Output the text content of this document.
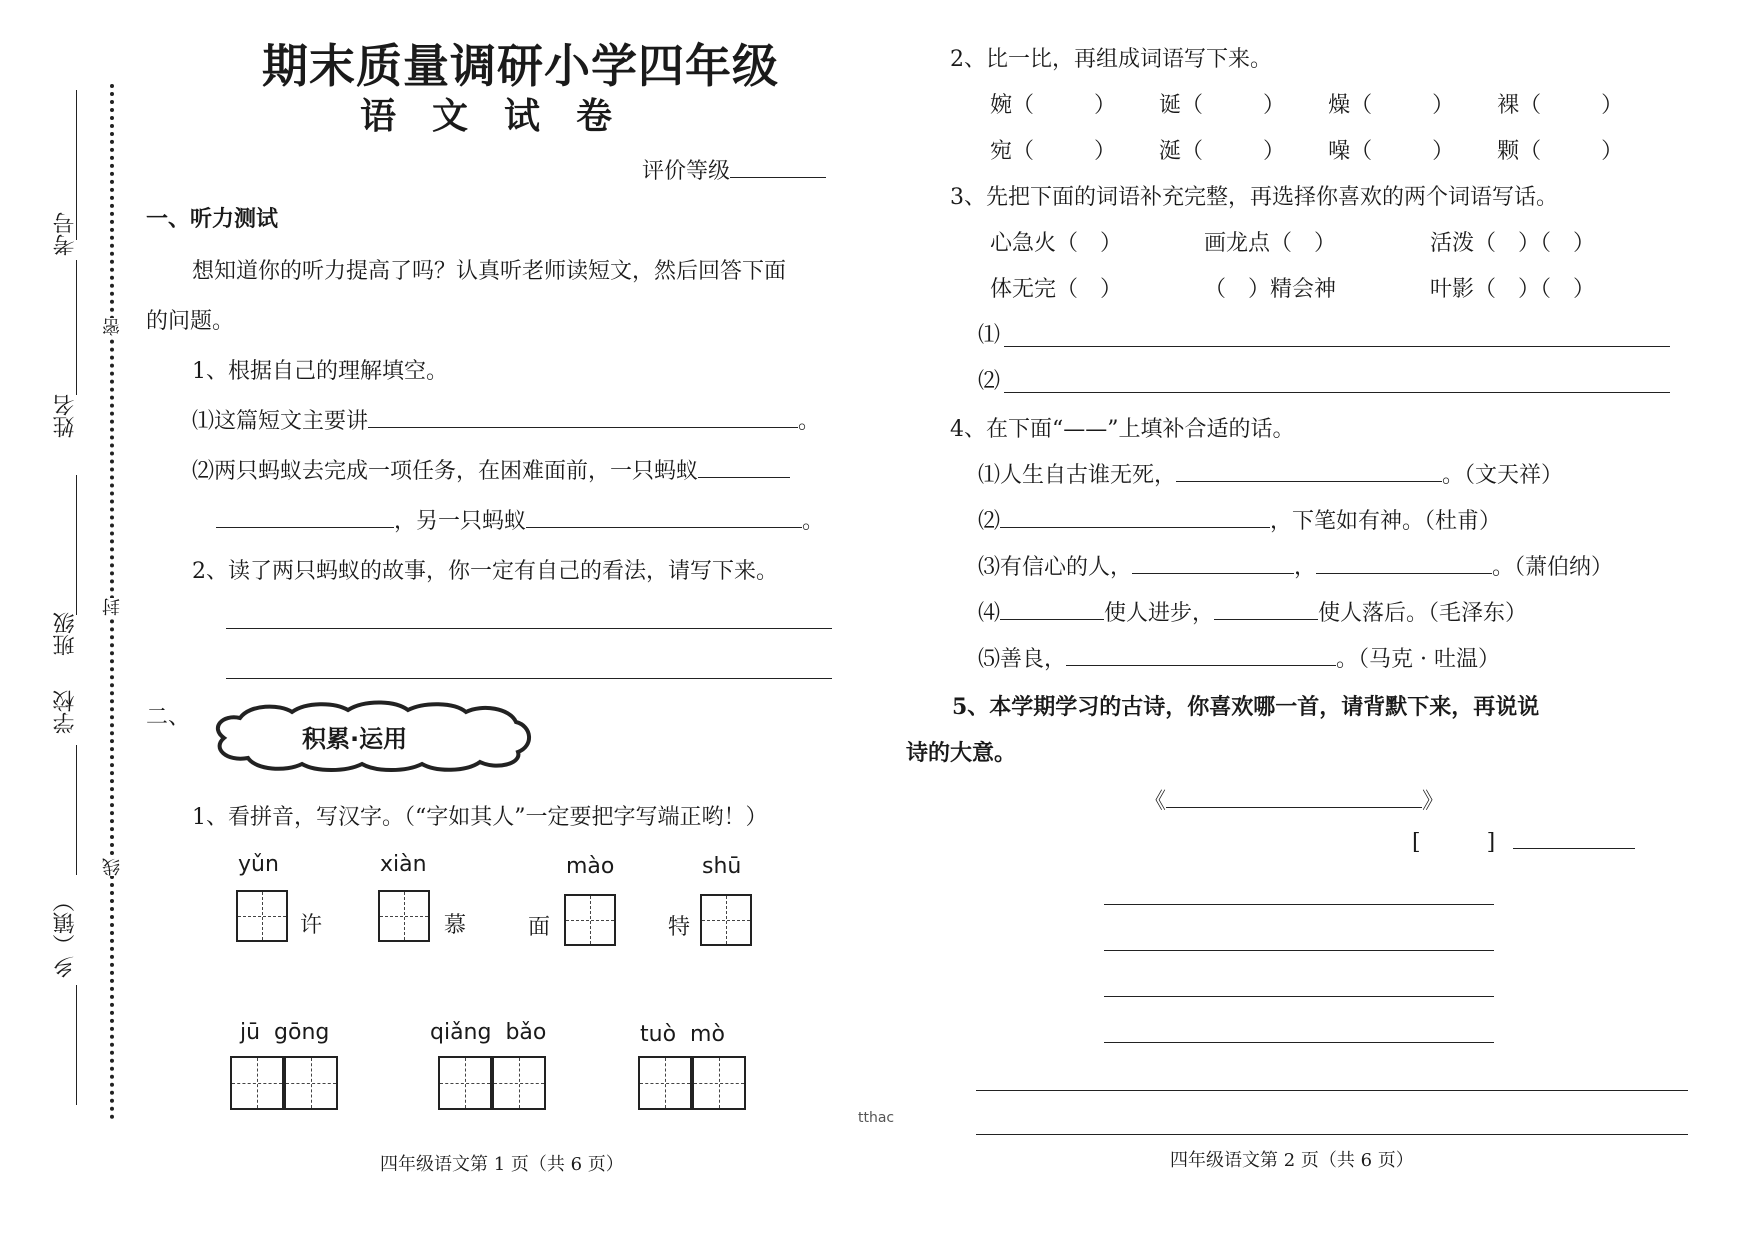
考号
姓名
班级
学校
乡（镇）
密
封
线
期末质量调研小学四年级
语　文　试　卷
评价等级
一、听力测试
想知道你的听力提高了吗？认真听老师读短文，然后回答下面
的问题。
1、根据自己的理解填空。
⑴这篇短文主要讲	。
⑵两只蚂蚁去完成一项任务，在困难面前，一只蚂蚁
，另一只蚂蚁	。
2、读了两只蚂蚁的故事，你一定有自己的看法，请写下来。
二、
积累·运用
1、看拼音，写汉字。（“字如其人”一定要把字写端正哟！）
yǔn
许
xiàn
慕
mào
面
shū
特
jū  gōng	qiǎng  bǎo	tuò  mò
四年级语文第 1 页（共 6 页）
tthac
2、比一比，再组成词语写下来。
婉（	） 诞（	） 燥（	） 裸（	）
宛（	） 涎（	） 噪（	） 颗（	）
3、先把下面的词语补充完整，再选择你喜欢的两个词语写话。
心急火（　）	画龙点（　）	活泼（　）（　）
体无完（　）	（　）精会神	叶影（　）（　）
⑴
⑵
4、在下面“——”上填补合适的话。
⑴人生自古谁无死，	。（文天祥）
⑵	，下笔如有神。（杜甫）
⑶有信心的人，	，	。（萧伯纳）
⑷	使人进步，	使人落后。（毛泽东）
⑸善良，	。（马克 · 吐温）
5、本学期学习的古诗，你喜欢哪一首，请背默下来，再说说
诗的大意。
《	》
[	]
四年级语文第 2 页（共 6 页）
